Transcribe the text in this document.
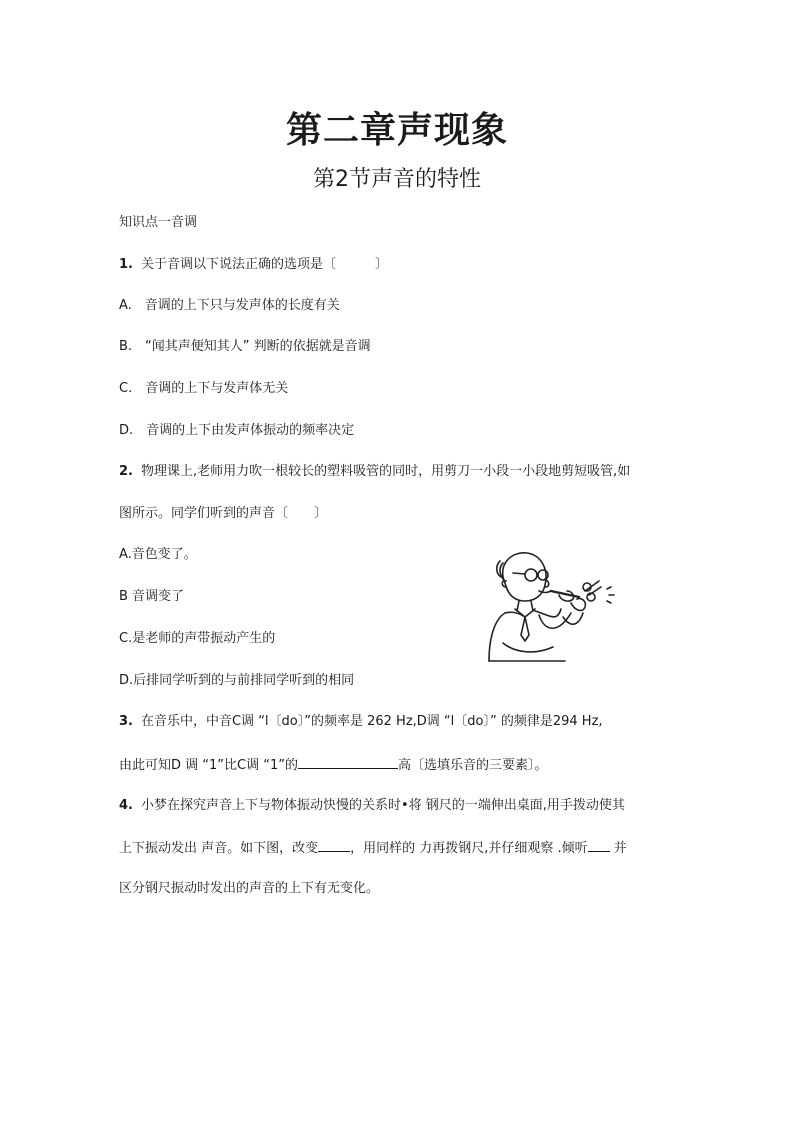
第二章声现象
第2节声音的特性
知识点一音调
1. 关于音调以下说法正确的选项是〔　　　〕
A.　音调的上下只与发声体的长度有关
B.　“闻其声便知其人” 判断的依据就是音调
C.　音调的上下与发声体无关
D.　音调的上下由发声体振动的频率决定
2. 物理课上,老师用力吹一根较长的塑料吸管的同时，用剪刀一小段一小段地剪短吸管,如
图所示。同学们听到的声音〔　　〕
A.音色变了。
B 音调变了
C.是老师的声带振动产生的
D.后排同学听到的与前排同学听到的相同
3. 在音乐中，中音C调 “l〔do〕”的频率是 262 Hz,D调 “l〔do〕” 的频律是294 Hz,
由此可知D 调 “1”比C调 “1”的	高〔选填乐音的三要素〕。
4. 小梦在探究声音上下与物体振动快慢的关系时•将 钢尺的一端伸出桌面,用手拨动使其
上下振动发出 声音。如下图，改变 ，用同样的 力再拨钢尺,并仔细观察 .倾听 并
区分钢尺振动时发出的声音的上下有无变化。
